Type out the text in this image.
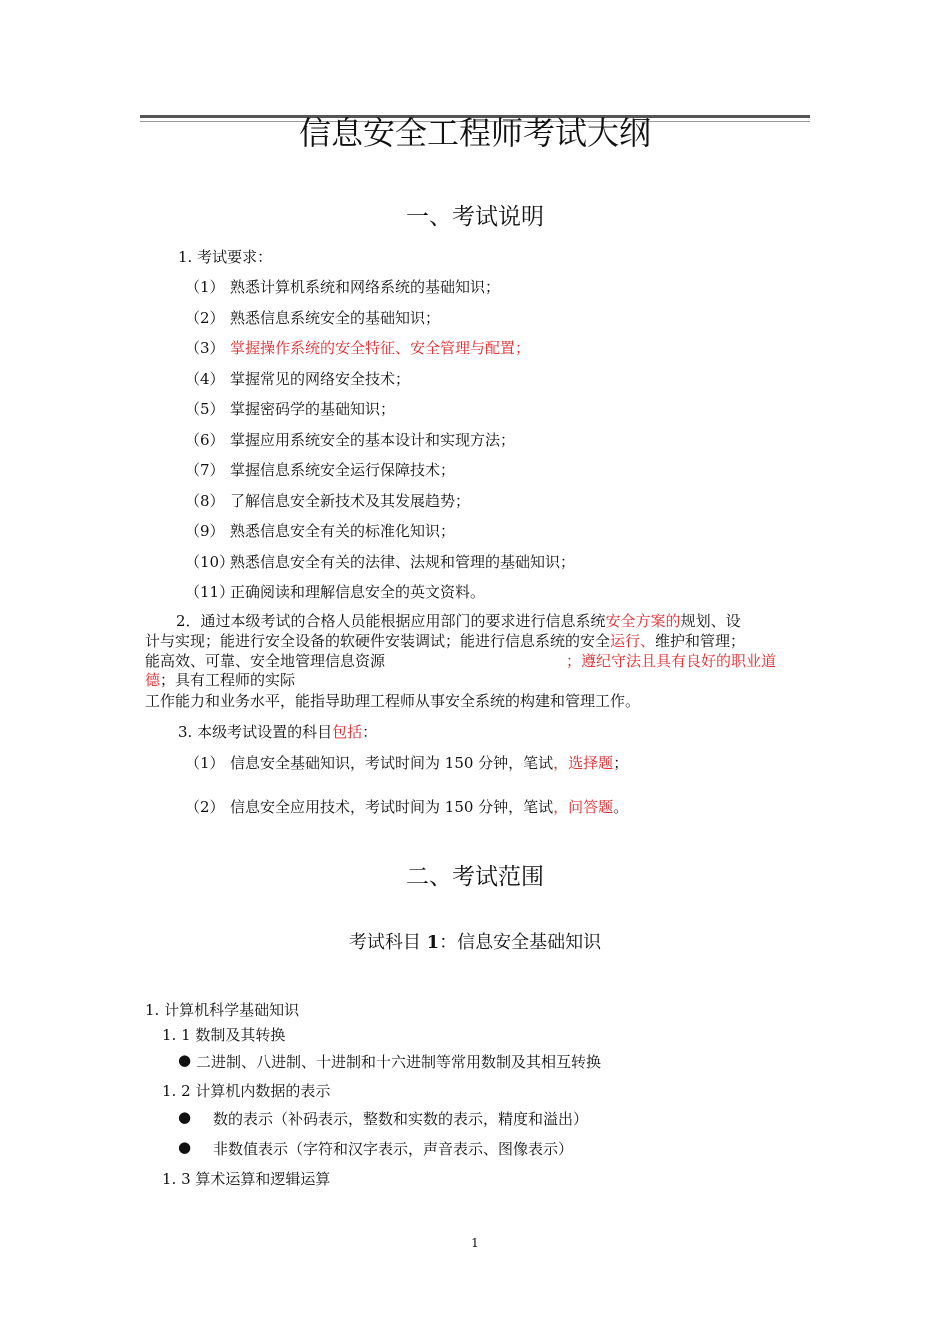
信息安全工程师考试大纲
一、考试说明
1. 考试要求：
（1） 熟悉计算机系统和网络系统的基础知识；
（2） 熟悉信息系统安全的基础知识；
（3） 掌握操作系统的安全特征、安全管理与配置；
（4） 掌握常见的网络安全技术；
（5） 掌握密码学的基础知识；
（6） 掌握应用系统安全的基本设计和实现方法；
（7） 掌握信息系统安全运行保障技术；
（8） 了解信息安全新技术及其发展趋势；
（9） 熟悉信息安全有关的标准化知识；
（10）
熟悉信息安全有关的法律、法规和管理的基础知识；
（11）
正确阅读和理解信息安全的英文资料。
2．通过本级考试的合格人员能根据应用部门的要求进行信息系统安全方案的规划、设
计与实现；能进行安全设备的软硬件安装调试；能进行信息系统的安全运行、维护和管理；
能高效、可靠、安全地管理信息资源	；遵纪守法且具有良好的职业道
德；具有工程师的实际
工作能力和业务水平，能指导助理工程师从事安全系统的构建和管理工作。
3. 本级考试设置的科目包括：
（1） 信息安全基础知识，考试时间为 150 分钟，笔试，选择题；
（2） 信息安全应用技术，考试时间为 150 分钟，笔试，问答题。
二、考试范围
考试科目 1：信息安全基础知识
1. 计算机科学基础知识
1. 1 数制及其转换
● 二进制、八进制、十进制和十六进制等常用数制及其相互转换
1. 2 计算机内数据的表示
● 数的表示（补码表示，整数和实数的表示，精度和溢出）
● 非数值表示（字符和汉字表示，声音表示、图像表示）
1. 3 算术运算和逻辑运算
1
